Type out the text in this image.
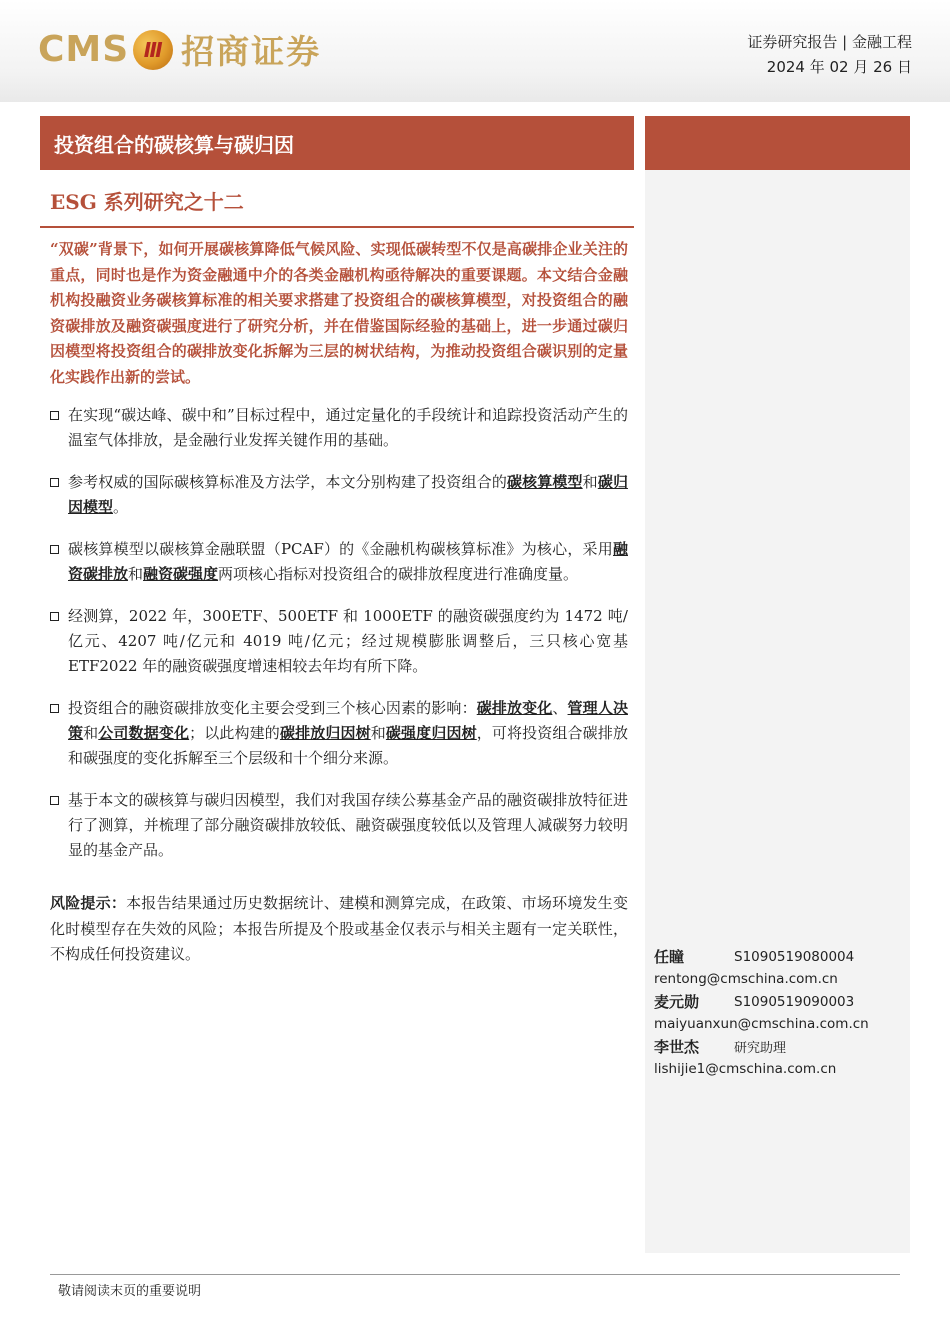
CMS Ⅲ 招商证券	证券研究报告 | 金融工程
2024 年 02 月 26 日
投资组合的碳核算与碳归因
ESG 系列研究之十二
“双碳”背景下，如何开展碳核算降低气候风险、实现低碳转型不仅是高碳排企业关注的重点，同时也是作为资金融通中介的各类金融机构亟待解决的重要课题。本文结合金融机构投融资业务碳核算标准的相关要求搭建了投资组合的碳核算模型，对投资组合的融资碳排放及融资碳强度进行了研究分析，并在借鉴国际经验的基础上，进一步通过碳归因模型将投资组合的碳排放变化拆解为三层的树状结构，为推动投资组合碳识别的定量化实践作出新的尝试。
在实现“碳达峰、碳中和”目标过程中，通过定量化的手段统计和追踪投资活动产生的温室气体排放，是金融行业发挥关键作用的基础。
参考权威的国际碳核算标准及方法学，本文分别构建了投资组合的碳核算模型和碳归因模型。
碳核算模型以碳核算金融联盟（PCAF）的《金融机构碳核算标准》为核心，采用融资碳排放和融资碳强度两项核心指标对投资组合的碳排放程度进行准确度量。
经测算，2022 年，300ETF、500ETF 和 1000ETF 的融资碳强度约为 1472 吨/亿元、4207 吨/亿元和 4019 吨/亿元；经过规模膨胀调整后，三只核心宽基 ETF2022 年的融资碳强度增速相较去年均有所下降。
投资组合的融资碳排放变化主要会受到三个核心因素的影响：碳排放变化、管理人决策和公司数据变化；以此构建的碳排放归因树和碳强度归因树，可将投资组合碳排放和碳强度的变化拆解至三个层级和十个细分来源。
基于本文的碳核算与碳归因模型，我们对我国存续公募基金产品的融资碳排放特征进行了测算，并梳理了部分融资碳排放较低、融资碳强度较低以及管理人减碳努力较明显的基金产品。
风险提示：本报告结果通过历史数据统计、建模和测算完成，在政策、市场环境发生变化时模型存在失效的风险；本报告所提及个股或基金仅表示与相关主题有一定关联性，不构成任何投资建议。	任瞳	S1090519080004
rentong@cmschina.com.cn
麦元勋	S1090519090003
maiyuanxun@cmschina.com.cn
李世杰	研究助理
lishijie1@cmschina.com.cn
敬请阅读末页的重要说明
